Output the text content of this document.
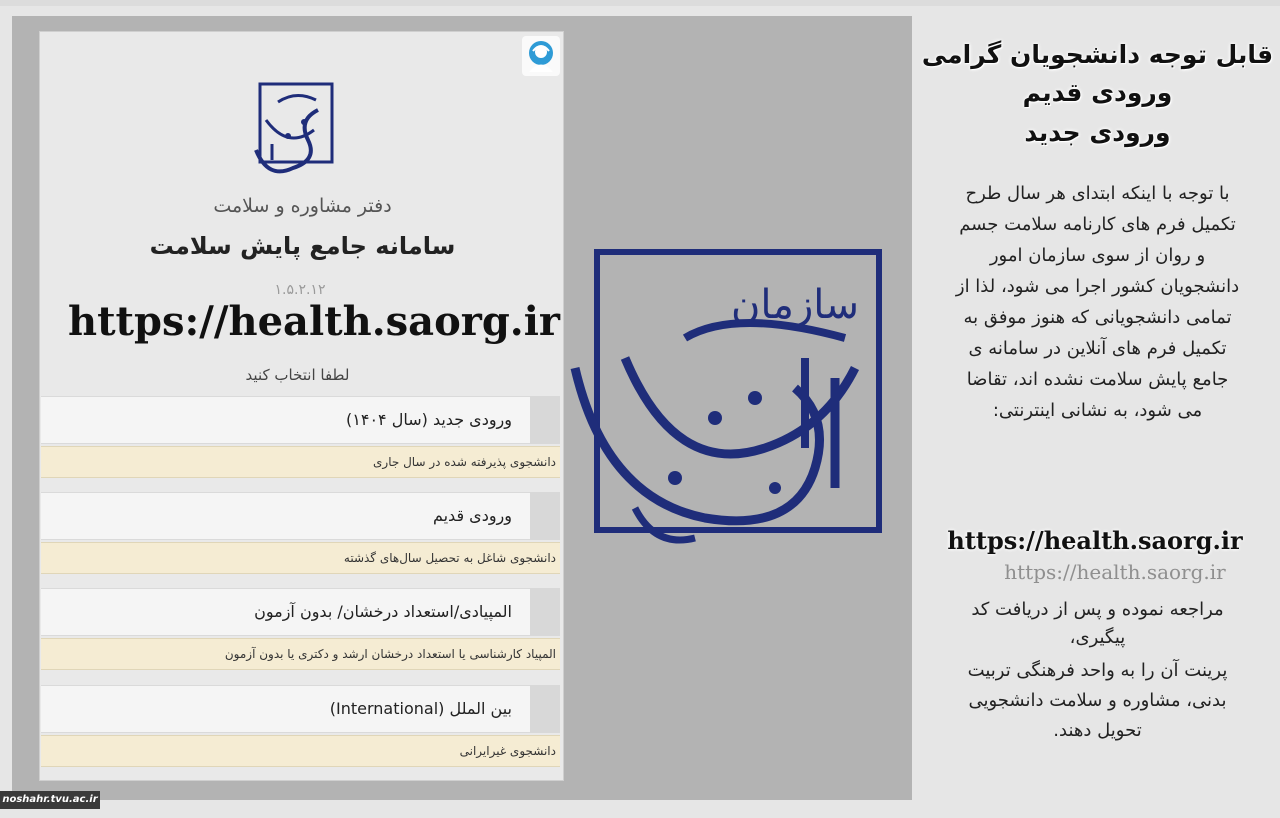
دفتر مشاوره و سلامت
سامانه جامع پایش سلامت
۱.۵.۲.۱۲
https://health.saorg.ir
لطفا انتخاب کنید
ورودی جدید (سال ۱۴۰۴)
دانشجوی پذیرفته شده در سال جاری
ورودی قدیم
دانشجوی شاغل به تحصیل سال‌های گذشته
المپیادی/استعداد درخشان/ بدون آزمون
المپیاد کارشناسی یا استعداد درخشان ارشد و دکتری یا بدون آزمون
بین الملل (International)
دانشجوی غیرایرانی
سازمان
قابل توجه دانشجویان گرامی
ورودی قدیم
ورودی جدید
با توجه با اینکه ابتدای هر سال طرح تکمیل فرم های کارنامه سلامت جسم و روان از سوی سازمان امور دانشجویان کشور اجرا می شود، لذا از تمامی دانشجویانی که هنوز موفق به تکمیل فرم های آنلاین در سامانه ی جامع پایش سلامت نشده اند، تقاضا می شود، به نشانی اینترنتی:
https://health.saorg.ir
https://health.saorg.ir
مراجعه نموده و پس از دریافت کد پیگیری،
پرینت آن را به واحد فرهنگی تربیت بدنی، مشاوره و سلامت دانشجویی تحویل دهند.
noshahr.tvu.ac.ir
